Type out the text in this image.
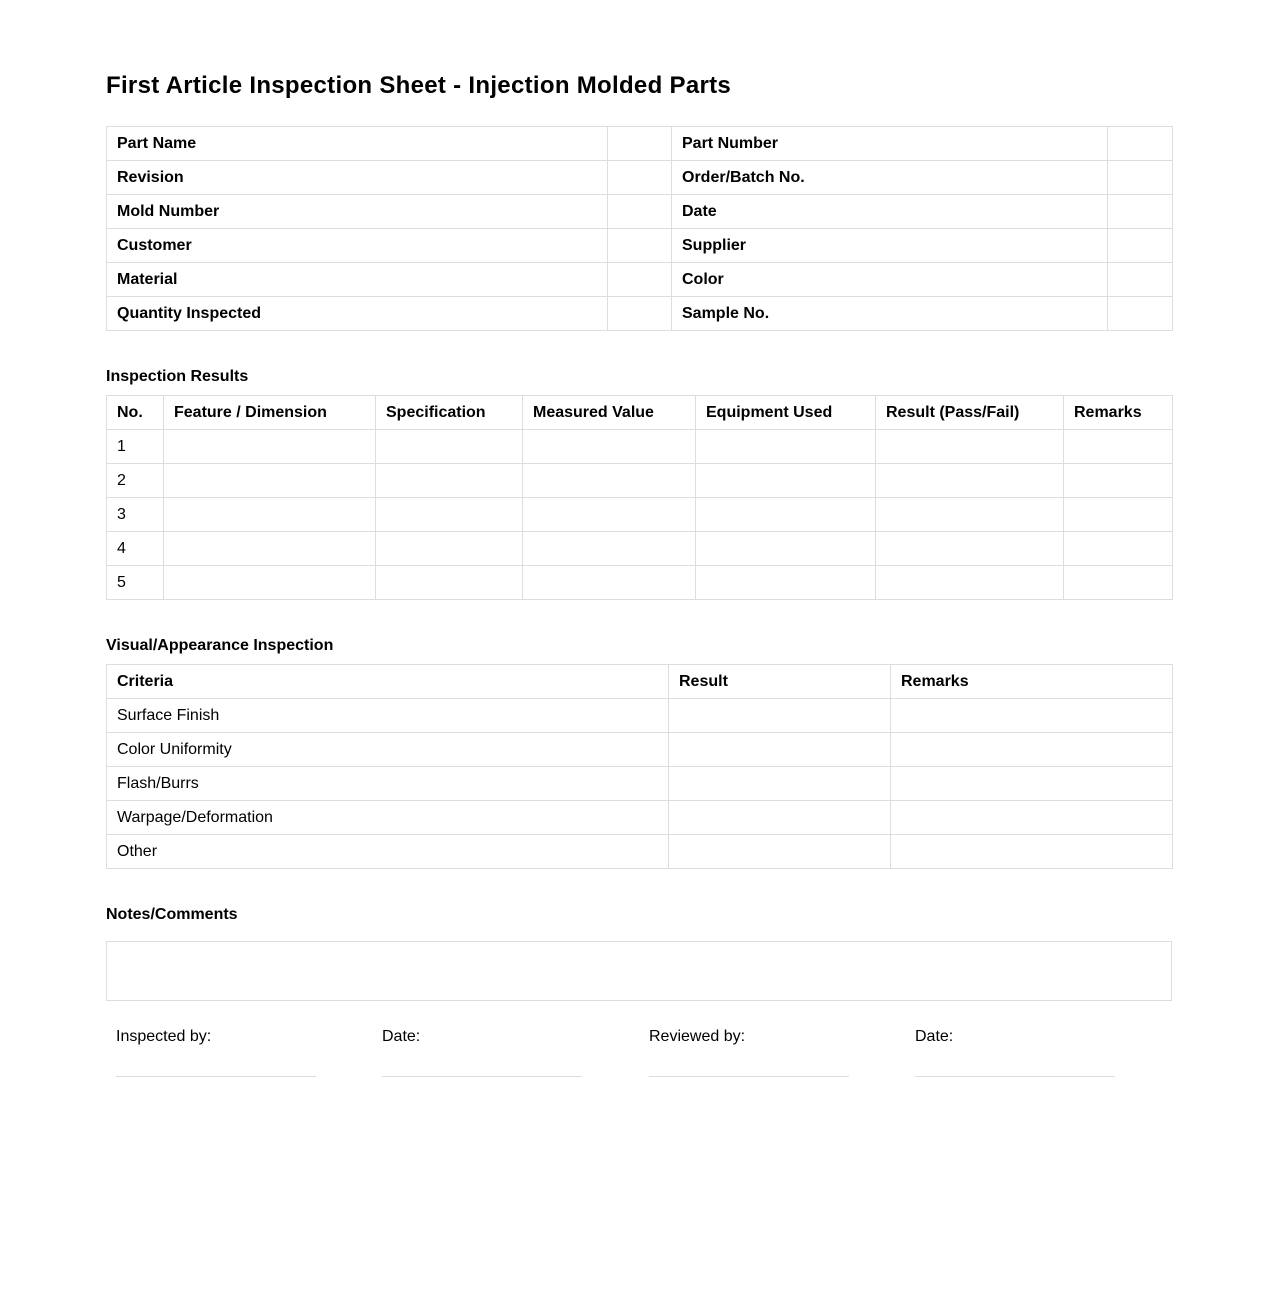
First Article Inspection Sheet - Injection Molded Parts
Part Name		Part Number	
Revision		Order/Batch No.	
Mold Number		Date	
Customer		Supplier	
Material		Color	
Quantity Inspected		Sample No.	
Inspection Results
No.	Feature / Dimension	Specification	Measured Value	Equipment Used	Result (Pass/Fail)	Remarks
1						
2						
3						
4						
5						
Visual/Appearance Inspection
Criteria	Result	Remarks
Surface Finish		
Color Uniformity		
Flash/Burrs		
Warpage/Deformation		
Other		
Notes/Comments
Inspected by:	Date:	Reviewed by:	Date:
